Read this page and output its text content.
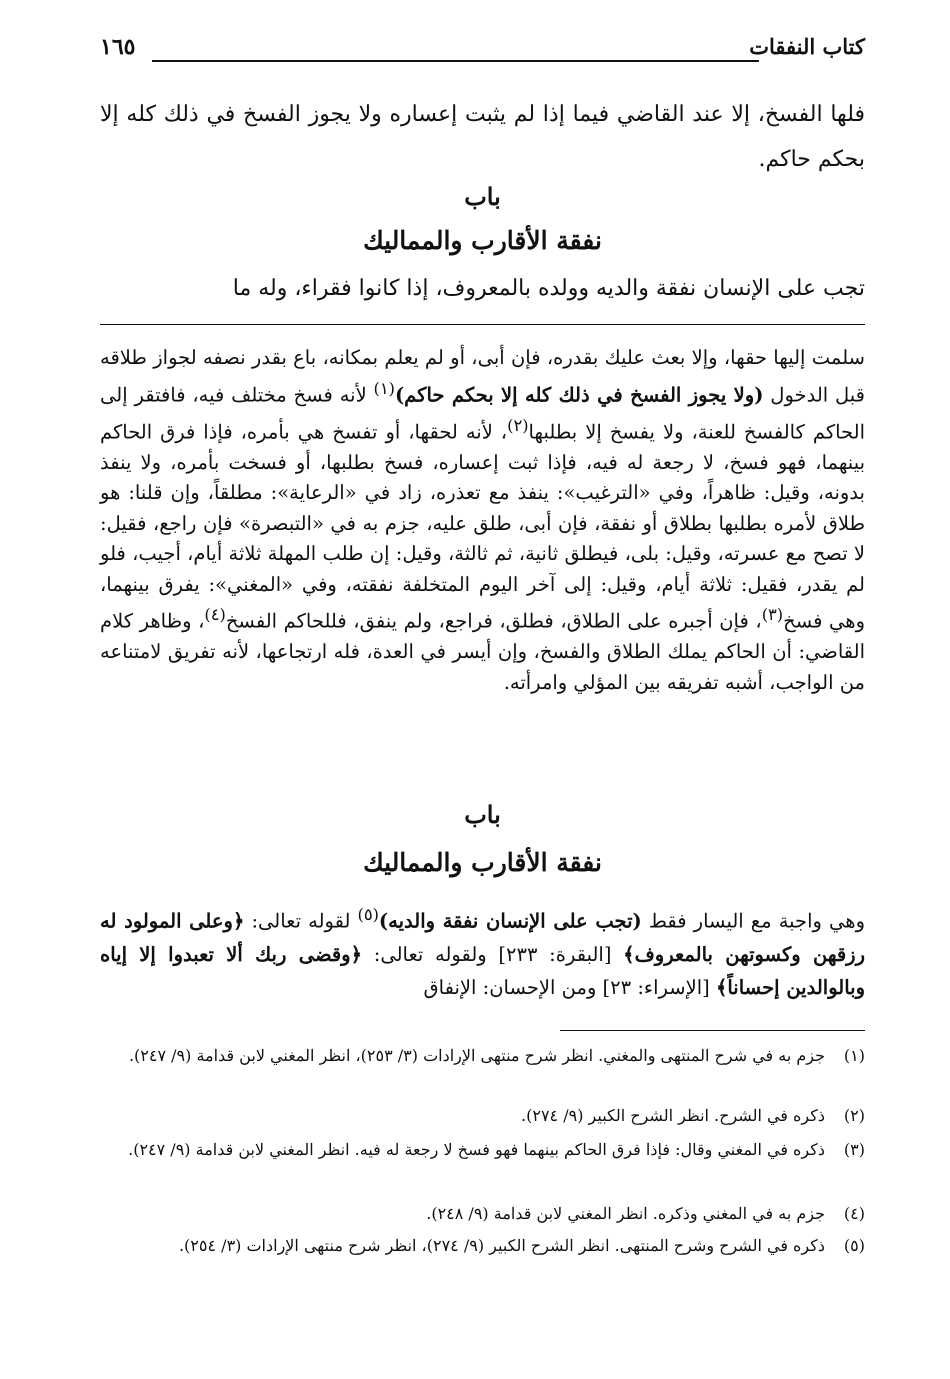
كتاب النفقات
١٦٥
فلها الفسخ، إلا عند القاضي فيما إذا لم يثبت إعساره ولا يجوز الفسخ في ذلك كله إلا بحكم حاكم.
باب
نفقة الأقارب والمماليك
تجب على الإنسان نفقة والديه وولده بالمعروف، إذا كانوا فقراء، وله ما
سلمت إليها حقها، وإلا بعث عليك بقدره، فإن أبى، أو لم يعلم بمكانه، باع بقدر نصفه لجواز طلاقه قبل الدخول (ولا يجوز الفسخ في ذلك كله إلا بحكم حاكم)$^{(١)}$ لأنه فسخ مختلف فيه، فافتقر إلى الحاكم كالفسخ للعنة، ولا يفسخ إلا بطلبها$^{(٢)}$، لأنه لحقها، أو تفسخ هي بأمره، فإذا فرق الحاكم بينهما، فهو فسخ، لا رجعة له فيه، فإذا ثبت إعساره، فسخ بطلبها، أو فسخت بأمره، ولا ينفذ بدونه، وقيل: ظاهراً، وفي «الترغيب»: ينفذ مع تعذره، زاد في «الرعاية»: مطلقاً، وإن قلنا: هو طلاق لأمره بطلبها بطلاق أو نفقة، فإن أبى، طلق عليه، جزم به في «التبصرة» فإن راجع، فقيل: لا تصح مع عسرته، وقيل: بلى، فيطلق ثانية، ثم ثالثة، وقيل: إن طلب المهلة ثلاثة أيام، أجيب، فلو لم يقدر، فقيل: ثلاثة أيام، وقيل: إلى آخر اليوم المتخلفة نفقته، وفي «المغني»: يفرق بينهما، وهي فسخ$^{(٣)}$، فإن أجبره على الطلاق، فطلق، فراجع، ولم ينفق، فللحاكم الفسخ$^{(٤)}$، وظاهر كلام القاضي: أن الحاكم يملك الطلاق والفسخ، وإن أيسر في العدة، فله ارتجاعها، لأنه تفريق لامتناعه من الواجب، أشبه تفريقه بين المؤلي وامرأته.
باب
نفقة الأقارب والمماليك
وهي واجبة مع اليسار فقط (تجب على الإنسان نفقة والديه)$^{(٥)}$ لقوله تعالى: ﴿وعلى المولود له رزقهن وكسوتهن بالمعروف﴾ [البقرة: ٢٣٣] ولقوله تعالى: ﴿وقضى ربك ألا تعبدوا إلا إياه وبالوالدين إحساناً﴾ [الإسراء: ٢٣] ومن الإحسان: الإنفاق
(١)
جزم به في شرح المنتهى والمغني. انظر شرح منتهى الإرادات (٣/ ٢٥٣)، انظر المغني لابن قدامة (٩/ ٢٤٧).
(٢)
ذكره في الشرح. انظر الشرح الكبير (٩/ ٢٧٤).
(٣)
ذكره في المغني وقال: فإذا فرق الحاكم بينهما فهو فسخ لا رجعة له فيه. انظر المغني لابن قدامة (٩/ ٢٤٧).
(٤)
جزم به في المغني وذكره. انظر المغني لابن قدامة (٩/ ٢٤٨).
(٥)
ذكره في الشرح وشرح المنتهى. انظر الشرح الكبير (٩/ ٢٧٤)، انظر شرح منتهى الإرادات (٣/ ٢٥٤).
